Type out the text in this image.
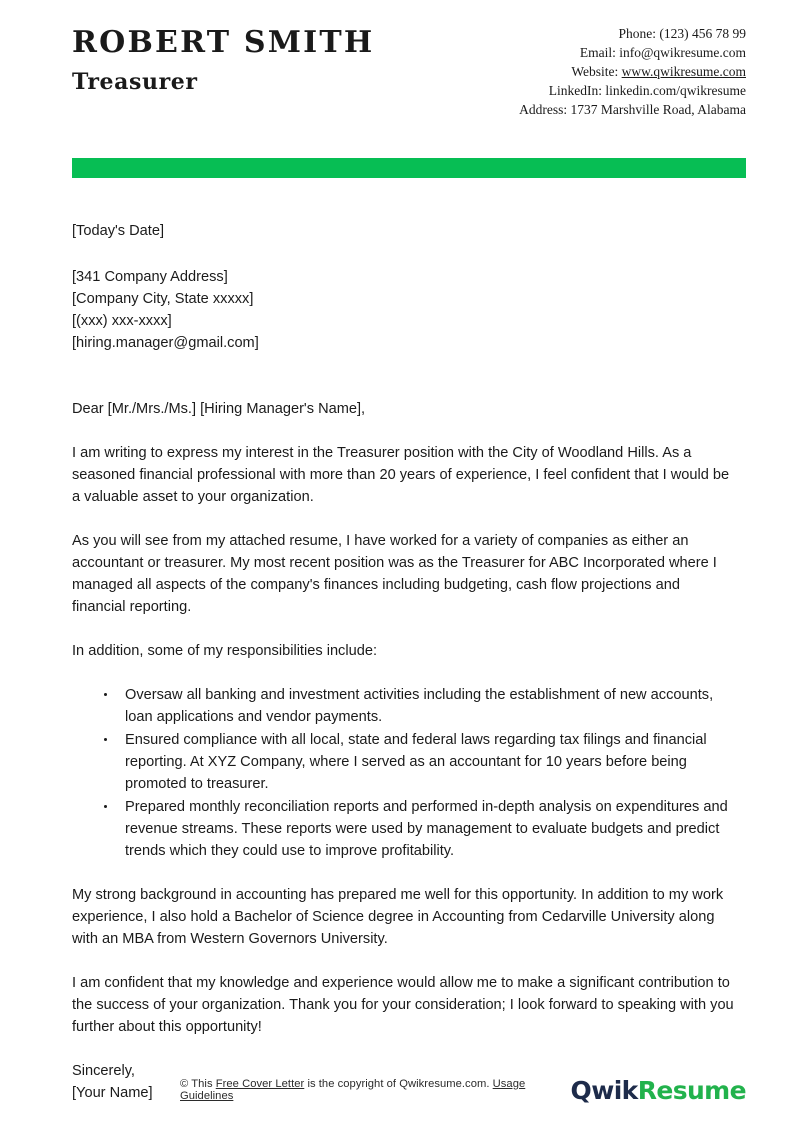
ROBERT SMITH
Treasurer
Phone: (123) 456 78 99
Email: info@qwikresume.com
Website: www.qwikresume.com
LinkedIn: linkedin.com/qwikresume
Address: 1737 Marshville Road, Alabama
[Today's Date]
[341 Company Address]
[Company City, State xxxxx]
[(xxx) xxx-xxxx]
[hiring.manager@gmail.com]
Dear [Mr./Mrs./Ms.] [Hiring Manager's Name],

I am writing to express my interest in the Treasurer position with the City of Woodland Hills. As a seasoned financial professional with more than 20 years of experience, I feel confident that I would be a valuable asset to your organization.

As you will see from my attached resume, I have worked for a variety of companies as either an accountant or treasurer. My most recent position was as the Treasurer for ABC Incorporated where I managed all aspects of the company's finances including budgeting, cash flow projections and financial reporting.

In addition, some of my responsibilities include:

Oversaw all banking and investment activities including the establishment of new accounts, loan applications and vendor payments.
Ensured compliance with all local, state and federal laws regarding tax filings and financial reporting. At XYZ Company, where I served as an accountant for 10 years before being promoted to treasurer.
Prepared monthly reconciliation reports and performed in-depth analysis on expenditures and revenue streams. These reports were used by management to evaluate budgets and predict trends which they could use to improve profitability.

My strong background in accounting has prepared me well for this opportunity. In addition to my work experience, I also hold a Bachelor of Science degree in Accounting from Cedarville University along with an MBA from Western Governors University.

I am confident that my knowledge and experience would allow me to make a significant contribution to the success of your organization. Thank you for your consideration; I look forward to speaking with you further about this opportunity!

Sincerely,
[Your Name]
© This Free Cover Letter is the copyright of Qwikresume.com. Usage Guidelines	QwikResume
